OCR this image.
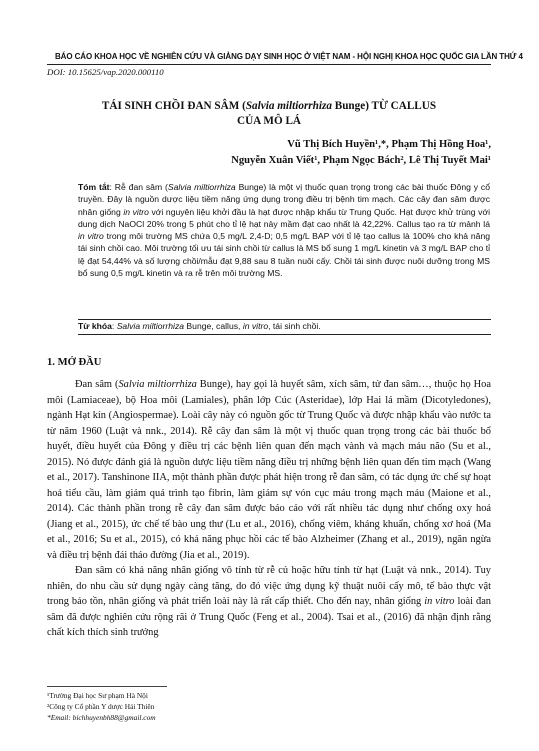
BÁO CÁO KHOA HỌC VỀ NGHIÊN CỨU VÀ GIẢNG DẠY SINH HỌC Ở VIỆT NAM - HỘI NGHỊ KHOA HỌC QUỐC GIA LẦN THỨ 4
DOI: 10.15625/vap.2020.000110
TÁI SINH CHỒI ĐAN SÂM (Salvia miltiorrhiza Bunge) TỪ CALLUS
CỦA MÔ LÁ
Vũ Thị Bích Huyền¹,*, Phạm Thị Hồng Hoa¹,
Nguyễn Xuân Viết¹, Phạm Ngọc Bách², Lê Thị Tuyết Mai¹
Tóm tắt: Rễ đan sâm (Salvia miltiorrhiza Bunge) là một vị thuốc quan trọng trong các bài thuốc Đông y cổ truyền. Đây là nguồn dược liệu tiềm năng ứng dụng trong điều trị bệnh tim mạch. Các cây đan sâm được nhân giống in vitro với nguyên liệu khởi đầu là hạt được nhập khẩu từ Trung Quốc. Hạt được khử trùng với dung dịch NaOCl 20% trong 5 phút cho tỉ lệ hạt nảy mầm đạt cao nhất là 42,22%. Callus tạo ra từ mảnh lá in vitro trong môi trường MS chứa 0,5 mg/L 2,4-D; 0,5 mg/L BAP với tỉ lệ tạo callus là 100% cho khả năng tái sinh chồi cao. Môi trường tối ưu tái sinh chồi từ callus là MS bổ sung 1 mg/L kinetin và 3 mg/L BAP cho tỉ lệ đạt 54,44% và số lượng chồi/mẫu đạt 9,88 sau 8 tuần nuôi cấy. Chồi tái sinh được nuôi dưỡng trong MS bổ sung 0,5 mg/L kinetin và ra rễ trên môi trường MS.
Từ khóa: Salvia miltiorrhiza Bunge, callus, in vitro, tái sinh chồi.
1. MỞ ĐẦU

Đan sâm (Salvia miltiorrhiza Bunge), hay gọi là huyết sâm, xích sâm, tử đan sâm…, thuộc họ Hoa môi (Lamiaceae), bộ Hoa môi (Lamiales), phân lớp Cúc (Asteridae), lớp Hai lá mầm (Dicotyledones), ngành Hạt kín (Angiospermae). Loài cây này có nguồn gốc từ Trung Quốc và được nhập khẩu vào nước ta từ năm 1960 (Luật và nnk., 2014). Rễ cây đan sâm là một vị thuốc quan trọng trong các bài thuốc bổ huyết, điều huyết của Đông y điều trị các bệnh liên quan đến mạch vành và mạch máu não (Su et al., 2015). Nó được đánh giá là nguồn dược liệu tiềm năng điều trị những bệnh liên quan đến tim mạch (Wang et al., 2017). Tanshinone IIA, một thành phần được phát hiện trong rễ đan sâm, có tác dụng ức chế sự hoạt hoá tiểu cầu, làm giảm quá trình tạo fibrin, làm giảm sự vón cục máu trong mạch máu (Maione et al., 2014). Các thành phần trong rễ cây đan sâm được báo cáo với rất nhiều tác dụng như chống oxy hoá (Jiang et al., 2015), ức chế tế bào ung thư (Lu et al., 2016), chống viêm, kháng khuẩn, chống xơ hoá (Ma et al., 2016; Su et al., 2015), có khả năng phục hồi các tế bào Alzheimer (Zhang et al., 2019), ngăn ngừa và điều trị bệnh đái tháo đường (Jia et al., 2019).

Đan sâm có khả năng nhân giống vô tính từ rễ củ hoặc hữu tính từ hạt (Luật và nnk., 2014). Tuy nhiên, do nhu cầu sử dụng ngày càng tăng, do đó việc ứng dụng kỹ thuật nuôi cấy mô, tế bào thực vật trong bảo tồn, nhân giống và phát triển loài này là rất cấp thiết. Cho đến nay, nhân giống in vitro loài đan sâm đã được nghiên cứu rộng rãi ở Trung Quốc (Feng et al., 2004). Tsai et al., (2016) đã nhận định rằng chất kích thích sinh trưởng

¹Trường Đại học Sư phạm Hà Nội
²Công ty Cổ phần Y dược Hải Thiên
*Email: bichhuyenbh88@gmail.com
